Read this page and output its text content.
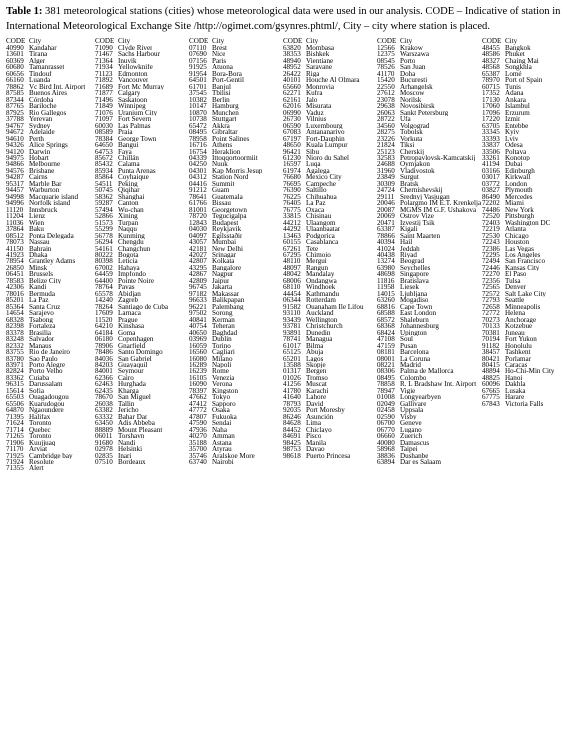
Table 1: 381 meteorological stations (cities) whose meteorological data were used in our analysis. CODE – Indicative of station in International Meteorological Exchange Site /http://ogimet.com/gsynres.phtml/, City – city where station is placed.

CODE City
40990 Kandahar
13601 Tirana
60369 Alger
60680 Tamanrasset
60656 Tindouf
66160 Luanda
78862 Vc Bird Int. Airport
87585 Buenos Aires
87344 Córdoba
87765 Bariloche
87925 Rio Gallegos
37788 Yerevan
94767 Sydney
94672 Adelaide
94610 Perth
94326 Alice Springs
94120 Darwin
94975 Hobart
94866 Melbourne
94576 Brisbane
94287 Cairns
95317 Marble Bar
94457 Warburton
94998 Macquarie island
94996 Norfolk island
11120 Innsbruck
11204 Lienz
11036 Wien
37864 Baku
08512 Ponta Delegada
78073 Nassau
41150 Bahrain
41923 Dhaka
78954 Grantley Adams
26850 Minsk
06451 Brussels
78583 Belize City
42306 Kandi
78016 Bermuda
85201 La Paz
85364 Santa Cruz
14654 Sarajevo
68328 Tsabong
82398 Fortaleza
83378 Brasilia
83248 Salvador
82332 Manaus
83755 Rio de Janeiro
83780 Sao Paulo
83971 Porto Alegre
82824 Porto Velho
83362 Cuiaba
96315 Darussalam
15614 Sofia
65503 Ouagadougou
65506 Kuarudogou
64870 Ngaoundere
71395 Halifax
71624 Toronto
71714 Quebec
71265 Toronto
71906 Kuujjuaq
71170 Arviat
71925 Cambridge bay
71924 Resolute
71355 Alert
CODE City
71090 Clyde River
71467 Sachs Harbour
71364 Inuvik
71934 Yellowknife
71123 Edmonton
71892 Vancouver
71689 Fort Mc Murray
71877 Calgary
71496 Saskatoon
71849 Winnipeg
71076 Uranium City
71097 Fort Severn
60030 Las Palmas
08589 Praia
78384 George Town
64650 Bangui
64753 Faya
85672 Chillán
85432 Calama
85934 Punta Arenas
85864 Coyhaique
54511 Peking
50745 Qiqihar
58362 Shanghai
59287 Canton
57494 Wu-chan
52866 Xining
51573 Turpan
55299 Naqqu
56778 Kunming
56294 Chengdu
54161 Changchun
80222 Bogota
80398 Leticia
67002 Hahaya
64459 Impfondo
64400 Pointe Noire
78764 Pavas
65578 Abidjan
14240 Zagreb
78264 Santiago de Cuba
17609 Larnaca
11520 Prague
64210 Kinshasa
64184 Goma
06180 Copenhagen
78906 Gnarfield
78486 Santo Domingo
84036 San Gabriel
84203 Guayaquil
84001 Seymour
62366 Cairo
62463 Hurghada
62435 Kharga
78670 San Miguel
26038 Tallin
63382 Jericho
63332 Bahar Dar
63450 Adis Abbeba
88889 Mount Pleasant
06011 Torshavn
91680 Nandi
02978 Helsinki
02835 Inari
07510 Bordeaux
CODE City
07110 Brest
07690 Nice
07156 Paris
91925 Atuona
91954 Bora-Bora
64501 Port-Gentil
61701 Banjul
37545 Tbilisi
10382 Berlin
10147 Hamburg
10870 Munchen
10738 Stuttgart
65472 Akkra
08495 Gibraltar
78958 Point Salines
16716 Athens
16754 Heraklion
04339 Ittoqqortoormiit
04250 Nuuk
04301 Kap Morris Jesup
04312 Station Nord
04416 Summit
91212 Guam
78641 Guatemala
61766 Bissau
81001 Georgetown
78720 Tegucigalpa
12843 Budapest
04030 Reykjavik
04097 Egilsstaðir
43057 Mumbai
42181 New Delhi
42027 Srinagar
42807 Kolkata
43295 Bangalore
42867 Nagpur
42809 Jaipur
96745 Jakarta
97182 Makassar
96633 Balikpapan
96221 Palembang
97502 Sorong
40841 Kerman
40754 Teheran
40650 Baghdad
03969 Dublin
16059 Torino
16560 Cagliari
16080 Milano
16289 Napoli
16239 Rome
16105 Venezia
16090 Verona
78397 Kingston
47662 Tokyo
47412 Sapporo
47772 Osaka
47807 Fukuoka
47590 Sendai
47936 Naha
40270 Amman
35188 Astana
35700 Atyrau
35746 Aralskoe More
63740 Nairobi
CODE City
63820 Mombasa
38353 Bishkek
48940 Vientiane
48952 Saravane
26422 Riga
40101 Houche Al Olmara
65660 Monrovia
62271 Kufra
62161 Jalo
62016 Misurata
06990 Vaduz
26730 Vilnius
06590 Luxembourg
67083 Antananarivo
67197 Fort-Dauphin
48650 Kuala Lumpur
96421 Sibu
61230 Nioro du Sahel
16597 Luqa
61974 Agalega
76680 Mexico City
76695 Campeche
76390 Saltillo
76225 Chihuahua
76405 La Paz
76775 Oxaca
33815 Chisinau
44212 Ulaangom
44292 Ulaanbaatar
13463 Podgorica
60155 Casablanca
67261 Tete
67295 Chimoio
48110 Mergui
48097 Rangun
48042 Mandalay
68006 Ondangwa
68110 Windhoek
44454 Kathmandu
06344 Rotterdam
91582 Ouanaham Ile Lifou
93110 Auckland
93439 Wellington
93781 Christchurch
93891 Dunedin
78741 Managua
61017 Bilma
65125 Abuja
65201 Lagos
13588 Skopje
01317 Bergen
01026 Tromso
41256 Muscat
41780 Karachi
41640 Lahore
78793 David
92035 Port Moresby
86246 Asunción
84628 Lima
84452 Chiclayo
84691 Pisco
98425 Manila
98753 Davao
98618 Puerto Princesa
CODE City
12566 Krakow
12375 Warszawa
08545 Porto
78526 San Juan
41170 Doha
15420 Bucuresti
22550 Arhangelsk
27612 Moscow
23078 Norilsk
29638 Novosibirsk
26063 Sankt Petersburg
28722 Ufa
34560 Volgograd
28275 Tobolsk
23226 Vorkuta
21824 Tiksi
25123 Cherskij
32583 Petropavlovsk-Kamcatskij
24688 Oymjakon
31960 Vladivostok
23849 Surgut
30309 Bratsk
24724 Chernishevskij
29111 Srednyj Vasjugan
20046 Polargmo IM E.T. Krenkelja
20087 MGMS IM G.F. Ushakova
20069 Ostrov Vize
20471 Izvestij Tsik
63387 Kigali
78866 Saint Maarten
40394 Hail
41024 Jeddah
40438 Riyad
13274 Beograd
63980 Seychelles
48698 Singapore
11816 Bratislava
11958 Liesek
14015 Ljubljana
63260 Mogadiso
68816 Cape Town
68588 East London
68572 Shaleburn
68368 Johannesburg
68424 Upington
47108 Soul
47159 Pusan
08181 Barcelona
08001 La Coruna
08221 Madrid
08306 Palma de Mallorca
08495 Colombo
78858 R. L Bradshaw Int. Airport
78947 Vigie
01008 Longyearbyen
02049 Gallivare
02458 Uppsala
02590 Visby
06700 Geneve
06770 Lugano
06660 Zuerich
40080 Damascus
58968 Taipei
38836 Dushanbe
63894 Dar es Salaam
CODE City
48455 Bangkok
48586 Phuket
48327 Chaing Mai
48568 Songkhla
65387 Lomé
78970 Port of Spain
60715 Tunis
17352 Adana
17130 Ankara
17060 Islambul
17096 Erzurum
17220 Izmir
63705 Entebbe
33345 Kyiv
33393 Lviv
33837 Odesa
33506 Poltava
33261 Konotop
41194 Dubai
03166 Edinburgh
03017 Kirkwall
03772 London
03827 Plymouth
86490 Mercedes
72202 Miami
74486 New York
72520 Pittsburgh
72403 Washington DC
72219 Atlanta
72530 Chicago
72243 Houston
72386 Las Vegas
72295 Los Angeles
72494 San Francisco
72446 Kansas City
72270 El Paso
72356 Tulsa
72565 Denver
72572 Salt Lake City
72793 Seattle
72658 Minneapolis
72772 Helena
70273 Anchorage
70133 Kotzebue
70381 Juneau
70194 Fort Yukon
91182 Honolulu
38457 Tashkent
80421 Porlamar
80415 Caracas
48894 Ho-Chi-Min City
48825 Hanoi
60096 Dakhla
67665 Lusaka
67775 Harare
67843 Victoria Falls
